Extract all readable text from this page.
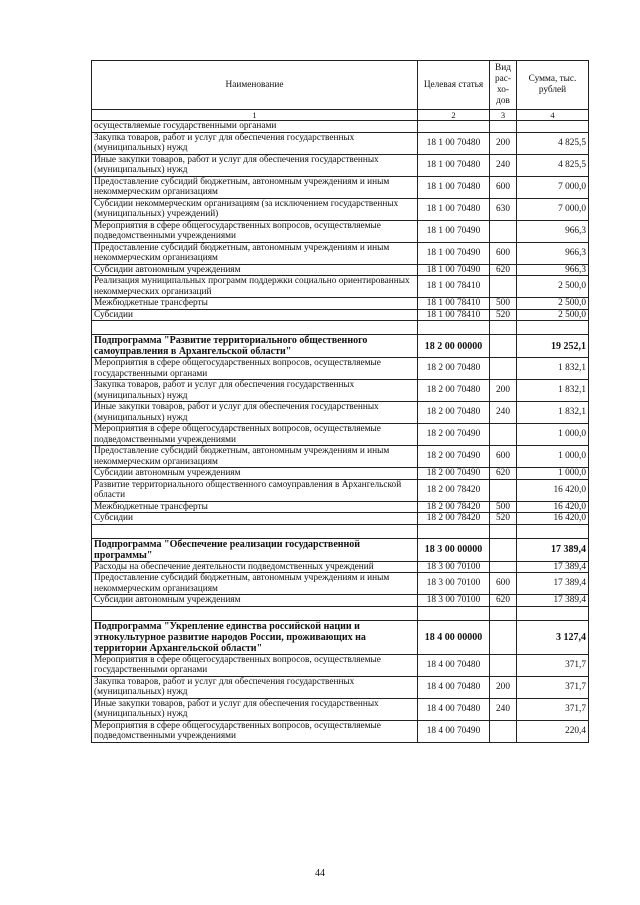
Наименование	Целевая статья	Вид рас- хо- дов	Сумма, тыс. рублей
1	2	3	4
осуществляемые государственными органами			
Закупка товаров, работ и услуг для обеспечения государственных (муниципальных) нужд	18 1 00 70480	200	4 825,5
Иные закупки товаров, работ и услуг для обеспечения государственных (муниципальных) нужд	18 1 00 70480	240	4 825,5
Предоставление субсидий бюджетным, автономным учреждениям и иным некоммерческим организациям	18 1 00 70480	600	7 000,0
Субсидии некоммерческим организациям (за исключением государственных (муниципальных) учреждений)	18 1 00 70480	630	7 000,0
Мероприятия в сфере общегосударственных вопросов, осуществляемые подведомственными учреждениями	18 1 00 70490		966,3
Предоставление субсидий бюджетным, автономным учреждениям и иным некоммерческим организациям	18 1 00 70490	600	966,3
Субсидии автономным учреждениям	18 1 00 70490	620	966,3
Реализация муниципальных программ поддержки социально ориентированных некоммерческих организаций	18 1 00 78410		2 500,0
Межбюджетные трансферты	18 1 00 78410	500	2 500,0
Субсидии	18 1 00 78410	520	2 500,0

Подпрограмма "Развитие территориального общественного самоуправления в Архангельской области"	18 2 00 00000		19 252,1
Мероприятия в сфере общегосударственных вопросов, осуществляемые государственными органами	18 2 00 70480		1 832,1
Закупка товаров, работ и услуг для обеспечения государственных (муниципальных) нужд	18 2 00 70480	200	1 832,1
Иные закупки товаров, работ и услуг для обеспечения государственных (муниципальных) нужд	18 2 00 70480	240	1 832,1
Мероприятия в сфере общегосударственных вопросов, осуществляемые подведомственными учреждениями	18 2 00 70490		1 000,0
Предоставление субсидий бюджетным, автономным учреждениям и иным некоммерческим организациям	18 2 00 70490	600	1 000,0
Субсидии автономным учреждениям	18 2 00 70490	620	1 000,0
Развитие территориального общественного самоуправления в Архангельской области	18 2 00 78420		16 420,0
Межбюджетные трансферты	18 2 00 78420	500	16 420,0
Субсидии	18 2 00 78420	520	16 420,0

Подпрограмма "Обеспечение реализации государственной программы"	18 3 00 00000		17 389,4
Расходы на обеспечение деятельности подведомственных учреждений	18 3 00 70100		17 389,4
Предоставление субсидий бюджетным, автономным учреждениям и иным некоммерческим организациям	18 3 00 70100	600	17 389,4
Субсидии автономным учреждениям	18 3 00 70100	620	17 389,4

Подпрограмма "Укрепление единства российской нации и этнокультурное развитие народов России, проживающих на территории Архангельской области"	18 4 00 00000		3 127,4
Мероприятия в сфере общегосударственных вопросов, осуществляемые государственными органами	18 4 00 70480		371,7
Закупка товаров, работ и услуг для обеспечения государственных (муниципальных) нужд	18 4 00 70480	200	371,7
Иные закупки товаров, работ и услуг для обеспечения государственных (муниципальных) нужд	18 4 00 70480	240	371,7
Мероприятия в сфере общегосударственных вопросов, осуществляемые подведомственными учреждениями	18 4 00 70490		220,4
44
